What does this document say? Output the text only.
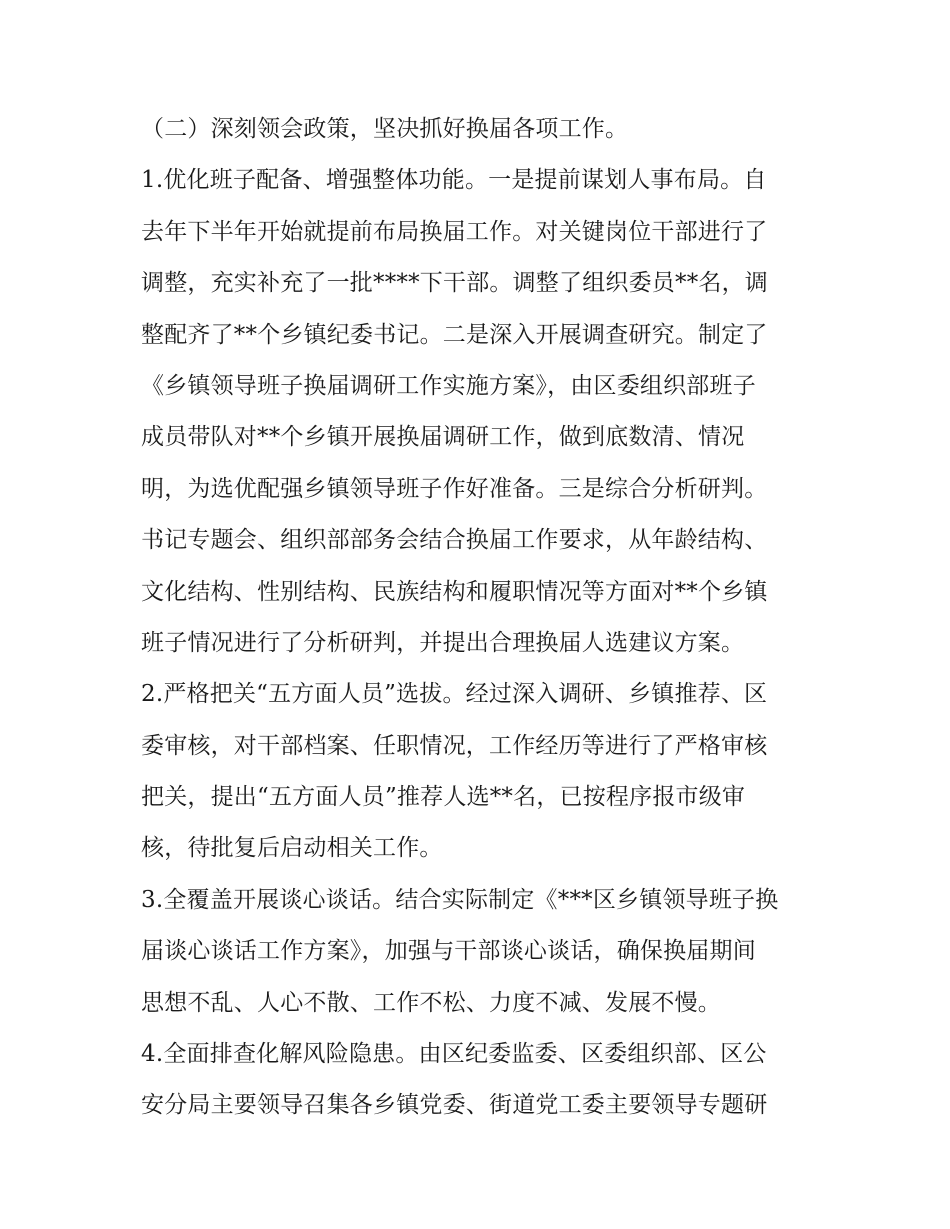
（二）深刻领会政策，坚决抓好换届各项工作。
1.优化班子配备、增强整体功能。一是提前谋划人事布局。自
去年下半年开始就提前布局换届工作。对关键岗位干部进行了
调整，充实补充了一批****下干部。调整了组织委员**名，调
整配齐了**个乡镇纪委书记。二是深入开展调查研究。制定了
《乡镇领导班子换届调研工作实施方案》，由区委组织部班子
成员带队对**个乡镇开展换届调研工作，做到底数清、情况
明，为选优配强乡镇领导班子作好准备。三是综合分析研判。
书记专题会、组织部部务会结合换届工作要求，从年龄结构、
文化结构、性别结构、民族结构和履职情况等方面对**个乡镇
班子情况进行了分析研判，并提出合理换届人选建议方案。
2.严格把关“五方面人员”选拔。经过深入调研、乡镇推荐、区
委审核，对干部档案、任职情况，工作经历等进行了严格审核
把关，提出“五方面人员”推荐人选**名，已按程序报市级审
核，待批复后启动相关工作。
3.全覆盖开展谈心谈话。结合实际制定《***区乡镇领导班子换
届谈心谈话工作方案》，加强与干部谈心谈话，确保换届期间
思想不乱、人心不散、工作不松、力度不减、发展不慢。
4.全面排查化解风险隐患。由区纪委监委、区委组织部、区公
安分局主要领导召集各乡镇党委、街道党工委主要领导专题研
